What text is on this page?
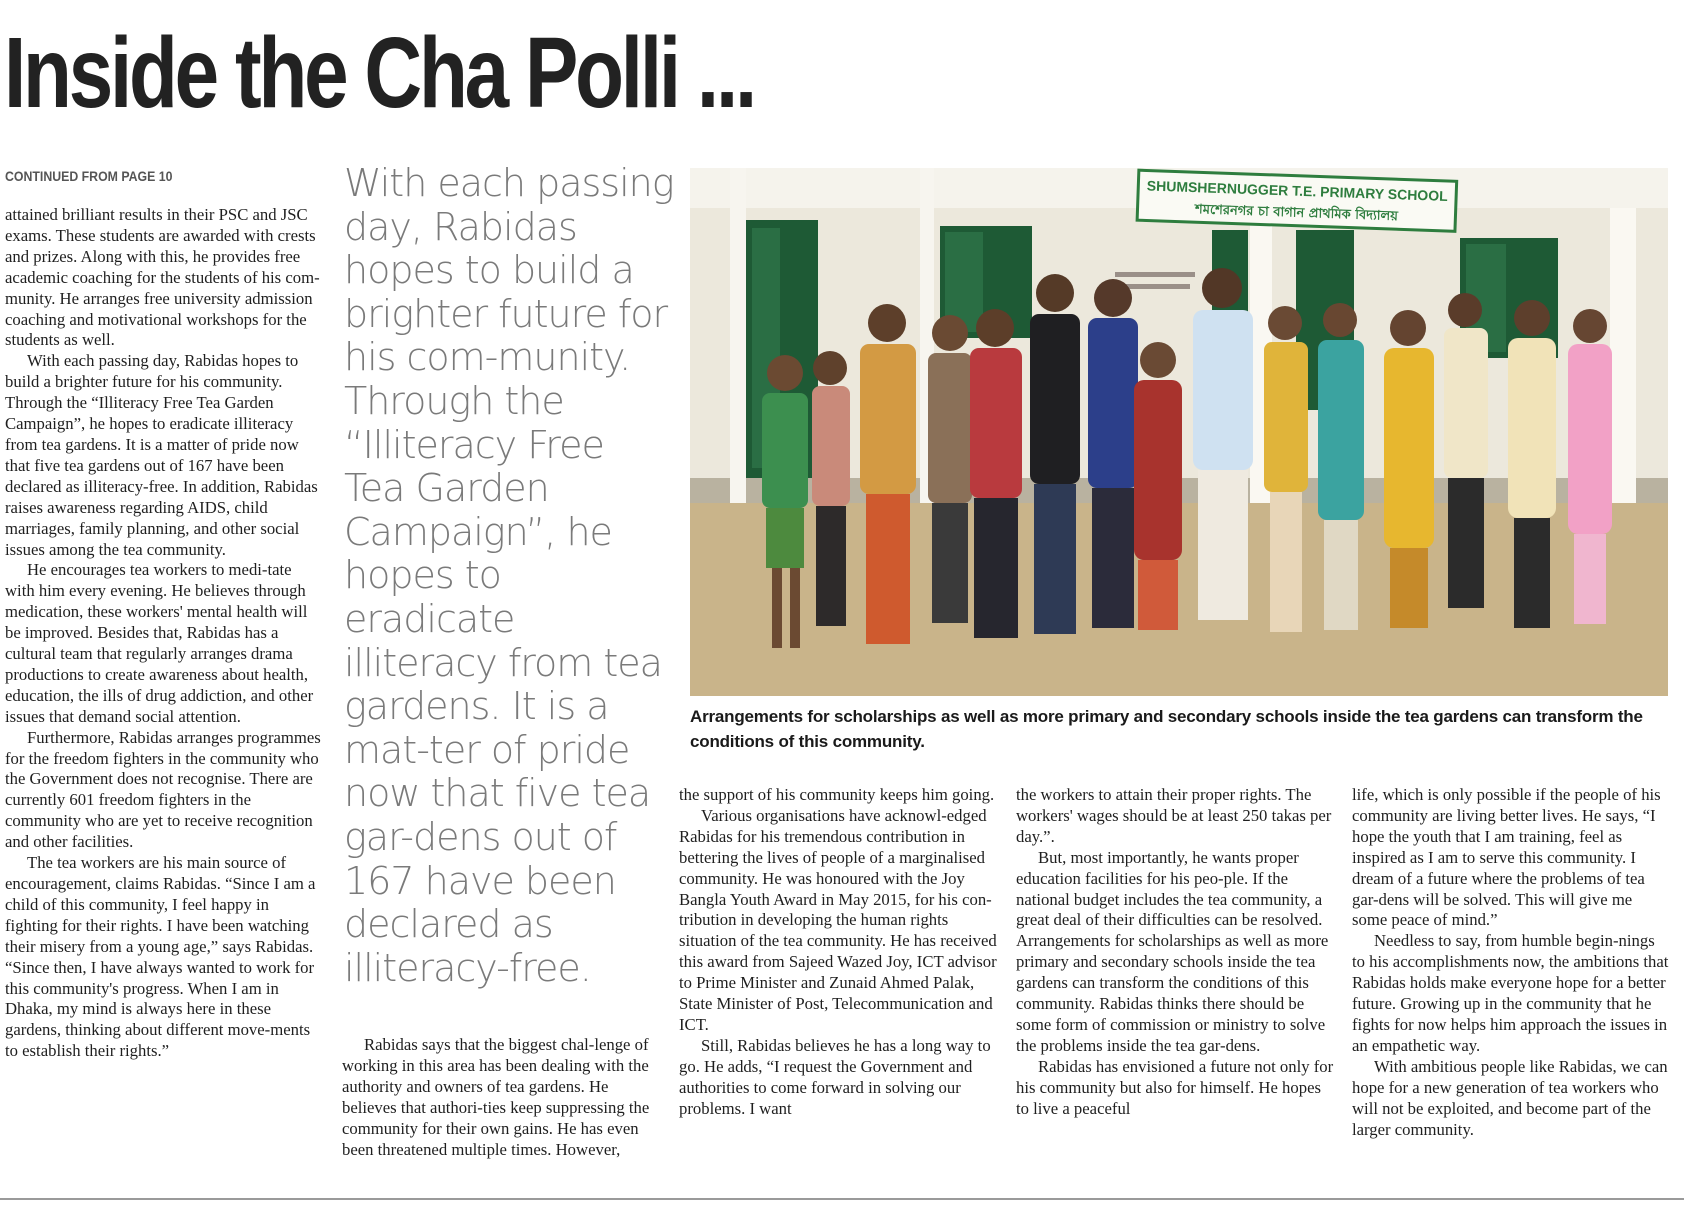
Inside the Cha Polli ...
CONTINUED FROM PAGE 10

attained brilliant results in their PSC and JSC exams. These students are awarded with crests and prizes. Along with this, he provides free academic coaching for the students of his com-munity. He arranges free university admission coaching and motivational workshops for the students as well.

With each passing day, Rabidas hopes to build a brighter future for his community. Through the “Illiteracy Free Tea Garden Campaign”, he hopes to eradicate illiteracy from tea gardens. It is a matter of pride now that five tea gardens out of 167 have been declared as illiteracy-free. In addition, Rabidas raises awareness regarding AIDS, child marriages, family planning, and other social issues among the tea community.

He encourages tea workers to medi-tate with him every evening. He believes through medication, these workers' mental health will be improved. Besides that, Rabidas has a cultural team that regularly arranges drama productions to create awareness about health, education, the ills of drug addiction, and other issues that demand social attention.

Furthermore, Rabidas arranges programmes for the freedom fighters in the community who the Government does not recognise. There are currently 601 freedom fighters in the community who are yet to receive recognition and other facilities.

The tea workers are his main source of encouragement, claims Rabidas. “Since I am a child of this community, I feel happy in fighting for their rights. I have been watching their misery from a young age,” says Rabidas. “Since then, I have always wanted to work for this community's progress. When I am in Dhaka, my mind is always here in these gardens, thinking about different move-ments to establish their rights.”

With each passing day, Rabidas hopes to build a brighter future for his com-munity. Through the “Illiteracy Free Tea Garden Campaign”, he hopes to eradicate illiteracy from tea gardens. It is a mat-ter of pride now that five tea gar-dens out of 167 have been declared as illiteracy-free.

SHUMSHERNUGGER T.E. PRIMARY SCHOOL
শমশেরনগর চা বাগান প্রাথমিক বিদ্যালয়
Arrangements for scholarships as well as more primary and secondary schools inside the tea gardens can transform the conditions of this community.

Rabidas says that the biggest chal-lenge of working in this area has been dealing with the authority and owners of tea gardens. He believes that authori-ties keep suppressing the community for their own gains. He has even been threatened multiple times. However,

the support of his community keeps him going.

Various organisations have acknowl-edged Rabidas for his tremendous contribution in bettering the lives of people of a marginalised community. He was honoured with the Joy Bangla Youth Award in May 2015, for his con-tribution in developing the human rights situation of the tea community. He has received this award from Sajeed Wazed Joy, ICT advisor to Prime Minister and Zunaid Ahmed Palak, State Minister of Post, Telecommunication and ICT.

Still, Rabidas believes he has a long way to go. He adds, “I request the Government and authorities to come forward in solving our problems. I want

the workers to attain their proper rights. The workers' wages should be at least 250 takas per day.”.

But, most importantly, he wants proper education facilities for his peo-ple. If the national budget includes the tea community, a great deal of their difficulties can be resolved. Arrangements for scholarships as well as more primary and secondary schools inside the tea gardens can transform the conditions of this community. Rabidas thinks there should be some form of commission or ministry to solve the problems inside the tea gar-dens.

Rabidas has envisioned a future not only for his community but also for himself. He hopes to live a peaceful

life, which is only possible if the people of his community are living better lives. He says, “I hope the youth that I am training, feel as inspired as I am to serve this community. I dream of a future where the problems of tea gar-dens will be solved. This will give me some peace of mind.”

Needless to say, from humble begin-nings to his accomplishments now, the ambitions that Rabidas holds make everyone hope for a better future. Growing up in the community that he fights for now helps him approach the issues in an empathetic way.

With ambitious people like Rabidas, we can hope for a new generation of tea workers who will not be exploited, and become part of the larger community.
